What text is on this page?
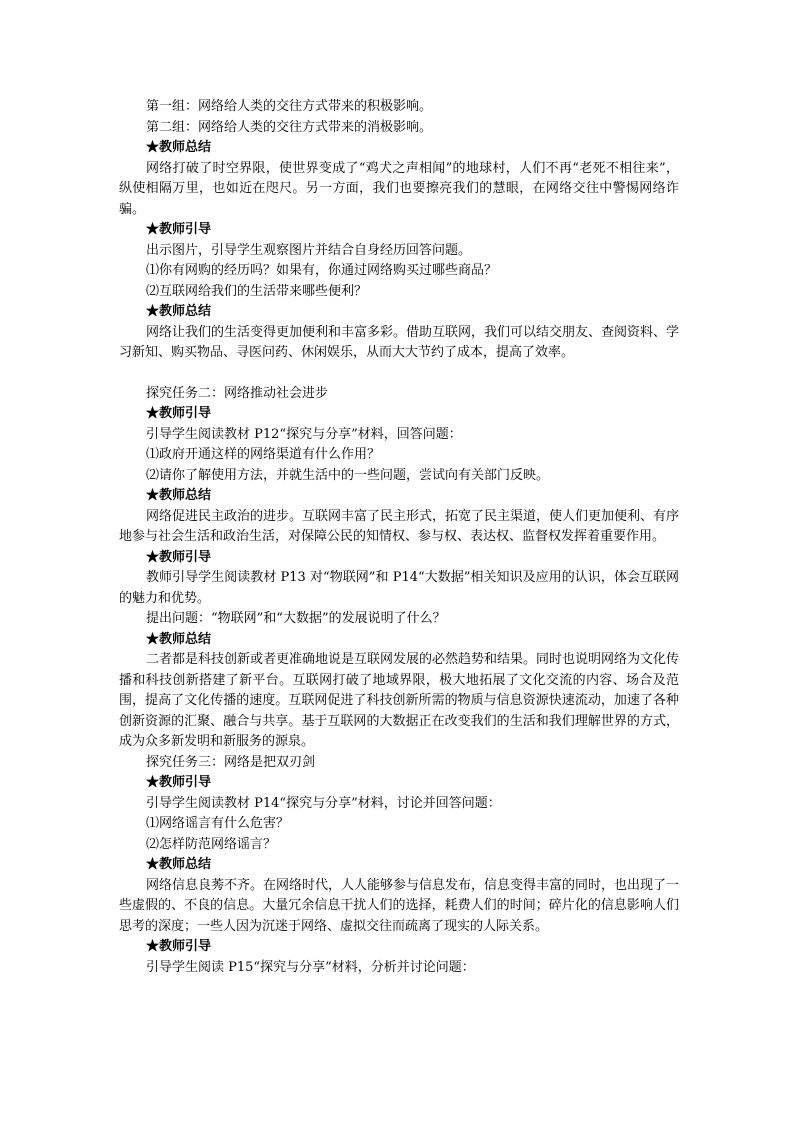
第一组：网络给人类的交往方式带来的积极影响。
第二组：网络给人类的交往方式带来的消极影响。
★教师总结
网络打破了时空界限，使世界变成了“鸡犬之声相闻”的地球村，人们不再“老死不相往来”，纵使相隔万里，也如近在咫尺。另一方面，我们也要擦亮我们的慧眼，在网络交往中警惕网络诈骗。
★教师引导
出示图片，引导学生观察图片并结合自身经历回答问题。
⑴你有网购的经历吗？如果有，你通过网络购买过哪些商品？
⑵互联网给我们的生活带来哪些便利？
★教师总结
网络让我们的生活变得更加便利和丰富多彩。借助互联网，我们可以结交朋友、查阅资料、学习新知、购买物品、寻医问药、休闲娱乐，从而大大节约了成本，提高了效率。
探究任务二：网络推动社会进步
★教师引导
引导学生阅读教材 P12“探究与分享”材料，回答问题：
⑴政府开通这样的网络渠道有什么作用？
⑵请你了解使用方法，并就生活中的一些问题，尝试向有关部门反映。
★教师总结
网络促进民主政治的进步。互联网丰富了民主形式，拓宽了民主渠道，使人们更加便利、有序地参与社会生活和政治生活，对保障公民的知情权、参与权、表达权、监督权发挥着重要作用。
★教师引导
教师引导学生阅读教材 P13 对“物联网”和 P14“大数据”相关知识及应用的认识，体会互联网的魅力和优势。
提出问题：“物联网”和“大数据”的发展说明了什么？
★教师总结
二者都是科技创新或者更准确地说是互联网发展的必然趋势和结果。同时也说明网络为文化传播和科技创新搭建了新平台。互联网打破了地域界限，极大地拓展了文化交流的内容、场合及范围，提高了文化传播的速度。互联网促进了科技创新所需的物质与信息资源快速流动，加速了各种创新资源的汇聚、融合与共享。基于互联网的大数据正在改变我们的生活和我们理解世界的方式，成为众多新发明和新服务的源泉。
探究任务三：网络是把双刃剑
★教师引导
引导学生阅读教材 P14“探究与分享”材料，讨论并回答问题：
⑴网络谣言有什么危害？
⑵怎样防范网络谣言？
★教师总结
网络信息良莠不齐。在网络时代，人人能够参与信息发布，信息变得丰富的同时，也出现了一些虚假的、不良的信息。大量冗余信息干扰人们的选择，耗费人们的时间；碎片化的信息影响人们思考的深度；一些人因为沉迷于网络、虚拟交往而疏离了现实的人际关系。
★教师引导
引导学生阅读 P15“探究与分享”材料，分析并讨论问题：
